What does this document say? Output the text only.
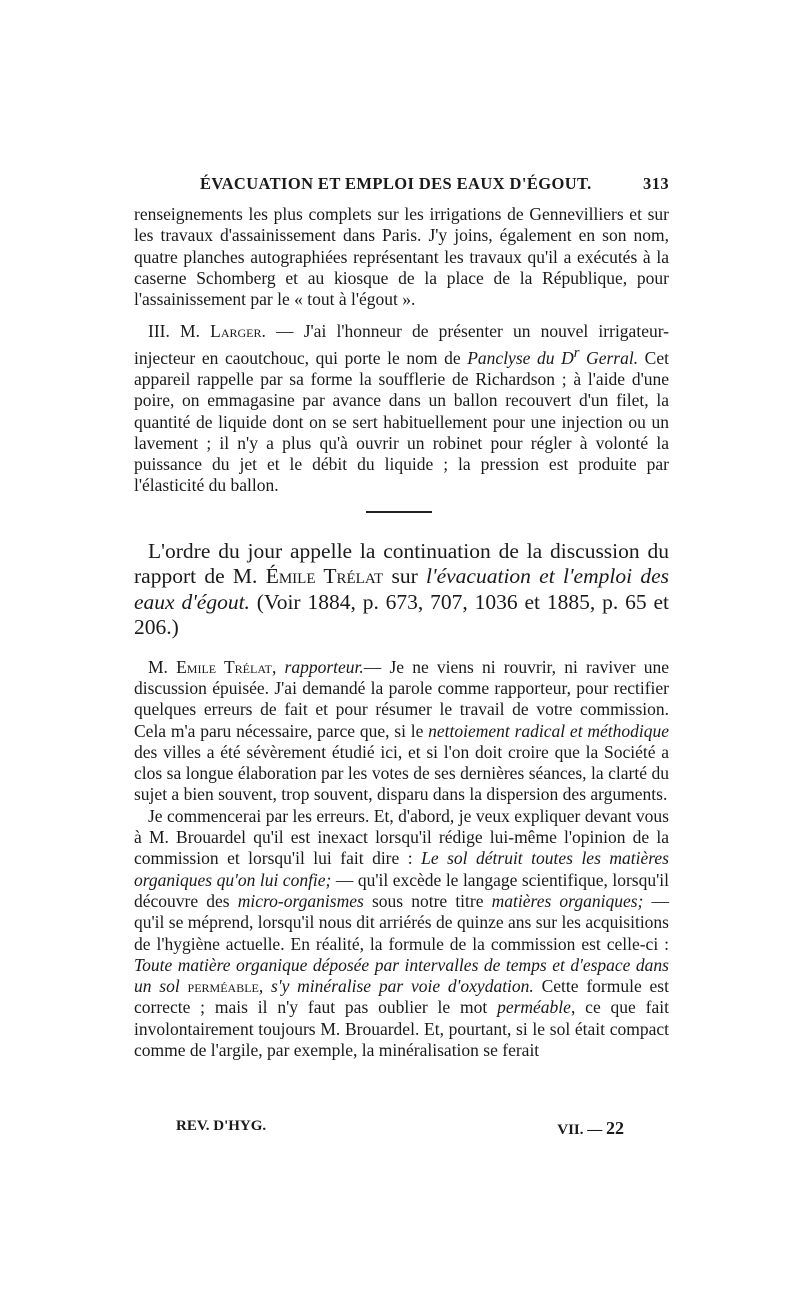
ÉVACUATION ET EMPLOI DES EAUX D'ÉGOUT.	313

renseignements les plus complets sur les irrigations de Gennevilliers et sur les travaux d'assainissement dans Paris. J'y joins, également en son nom, quatre planches autographiées représentant les travaux qu'il a exécutés à la caserne Schomberg et au kiosque de la place de la République, pour l'assainissement par le « tout à l'égout ».

III. M. Larger. — J'ai l'honneur de présenter un nouvel irrigateur-injecteur en caoutchouc, qui porte le nom de Panclyse du $D^r$ Gerral. Cet appareil rappelle par sa forme la soufflerie de Richardson ; à l'aide d'une poire, on emmagasine par avance dans un ballon recouvert d'un filet, la quantité de liquide dont on se sert habituellement pour une injection ou un lavement ; il n'y a plus qu'à ouvrir un robinet pour régler à volonté la puissance du jet et le débit du liquide ; la pression est produite par l'élasticité du ballon.

L'ordre du jour appelle la continuation de la discussion du rapport de M. Émile Trélat sur l'évacuation et l'emploi des eaux d'égout. (Voir 1884, p. 673, 707, 1036 et 1885, p. 65 et 206.)

M. Emile Trélat, rapporteur.— Je ne viens ni rouvrir, ni raviver une discussion épuisée. J'ai demandé la parole comme rapporteur, pour rectifier quelques erreurs de fait et pour résumer le travail de votre commission. Cela m'a paru nécessaire, parce que, si le nettoiement radical et méthodique des villes a été sévèrement étudié ici, et si l'on doit croire que la Société a clos sa longue élaboration par les votes de ses dernières séances, la clarté du sujet a bien souvent, trop souvent, disparu dans la dispersion des arguments.

Je commencerai par les erreurs. Et, d'abord, je veux expliquer devant vous à M. Brouardel qu'il est inexact lorsqu'il rédige lui-même l'opinion de la commission et lorsqu'il lui fait dire : Le sol détruit toutes les matières organiques qu'on lui confie; — qu'il excède le langage scientifique, lorsqu'il découvre des micro-organismes sous notre titre matières organiques; — qu'il se méprend, lorsqu'il nous dit arriérés de quinze ans sur les acquisitions de l'hygiène actuelle. En réalité, la formule de la commission est celle-ci : Toute matière organique déposée par intervalles de temps et d'espace dans un sol perméable, s'y minéralise par voie d'oxydation. Cette formule est correcte ; mais il n'y faut pas oublier le mot perméable, ce que fait involontairement toujours M. Brouardel. Et, pourtant, si le sol était compact comme de l'argile, par exemple, la minéralisation se ferait

REV. D'HYG.	VII. — 22
